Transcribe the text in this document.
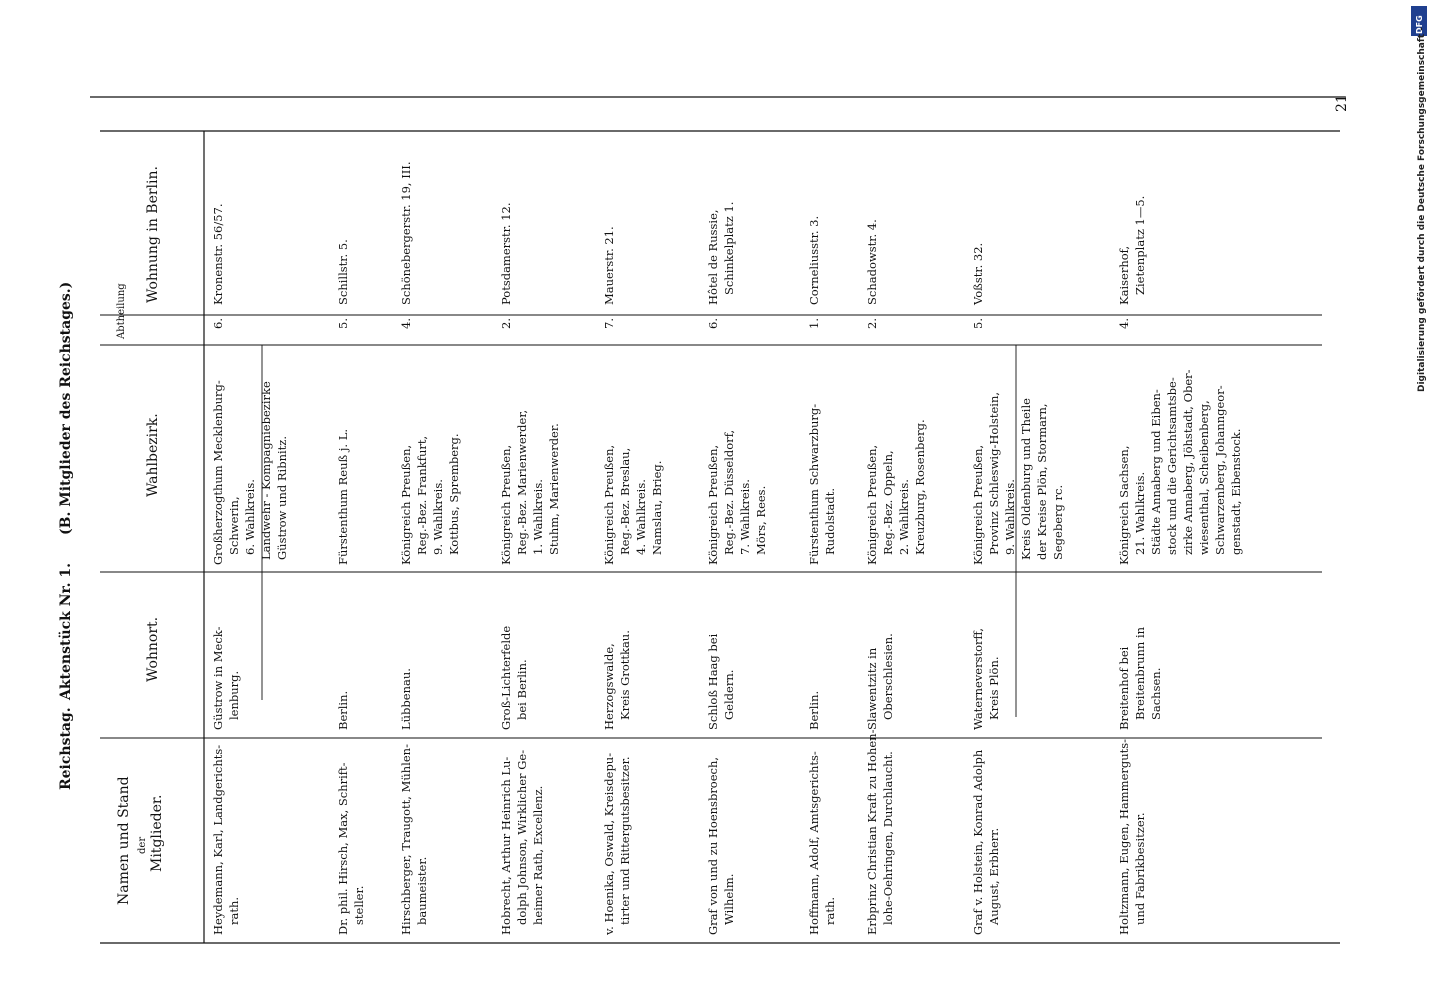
Reichstag.
Aktenstück Nr. 1.
(B. Mitglieder des Reichstages.)
21
Namen und Stand der Mitglieder.
Wohnort.
Wahlbezirk.
Abtheilung
Wohnung in Berlin.
Heydemann, Karl, Landgerichts- rath.
Güstrow in Meck- lenburg.
Großherzogthum Mecklenburg- Schwerin, 6. Wahlkreis.
6.
Kronenstr. 56/57.
Landwehr - Kompagniebezirke Güstrow und Ribnitz.
Dr. phil. Hirsch, Max, Schrift- steller.
Berlin.
Fürstenthum Reuß j. L.
5.
Schillstr. 5.
Hirschberger, Traugott, Mühlen- baumeister.
Lübbenau.
Königreich Preußen, Reg.-Bez. Frankfurt, 9. Wahlkreis. Kottbus, Spremberg.
4.
Schönebergerstr. 19, III.
Hobrecht, Arthur Heinrich Lu- dolph Johnson, Wirklicher Ge- heimer Rath, Excellenz.
Groß-Lichterfelde bei Berlin.
Königreich Preußen, Reg.-Bez. Marienwerder, 1. Wahlkreis. Stuhm, Marienwerder.
2.
Potsdamerstr. 12.
v. Hoenika, Oswald, Kreisdepu- tirter und Rittergutsbesitzer.
Herzogswalde, Kreis Grottkau.
Königreich Preußen, Reg.-Bez. Breslau, 4. Wahlkreis. Namslau, Brieg.
7.
Mauerstr. 21.
Graf von und zu Hoensbroech, Wilhelm.
Schloß Haag bei Geldern.
Königreich Preußen, Reg.-Bez. Düsseldorf, 7. Wahlkreis. Mörs, Rees.
6.
Hôtel de Russie, Schinkelplatz 1.
Hoffmann, Adolf, Amtsgerichts- rath.
Berlin.
Fürstenthum Schwarzburg- Rudolstadt.
1.
Corneliusstr. 3.
Erbprinz Christian Kraft zu Hohen- lohe-Oehringen, Durchlaucht.
Slawentzitz in Oberschlesien.
Königreich Preußen, Reg.-Bez. Oppeln, 2. Wahlkreis. Kreuzburg, Rosenberg.
2.
Schadowstr. 4.
Graf v. Holstein, Konrad Adolph August, Erbherr.
Waterneverstorff, Kreis Plön.
Königreich Preußen, Provinz Schleswig-Holstein, 9. Wahlkreis.
5.
Voßstr. 32.
Kreis Oldenburg und Theile der Kreise Plön, Stormarn, Segeberg rc.
Holtzmann, Eugen, Hammerguts- und Fabrikbesitzer.
Breitenhof bei Breitenbrunn in Sachsen.
Königreich Sachsen, 21. Wahlkreis. Städte Annaberg und Eiben- stock und die Gerichtsamtsbe- zirke Annaberg, Jöhstadt, Ober- wiesenthal, Scheibenberg, Schwarzenberg, Johanngeor- genstadt, Eibenstock.
4.
Kaiserhof, Zietenplatz 1—5.
DFG
Digitalisierung gefördert durch die Deutsche Forschungsgemeinschaft -
